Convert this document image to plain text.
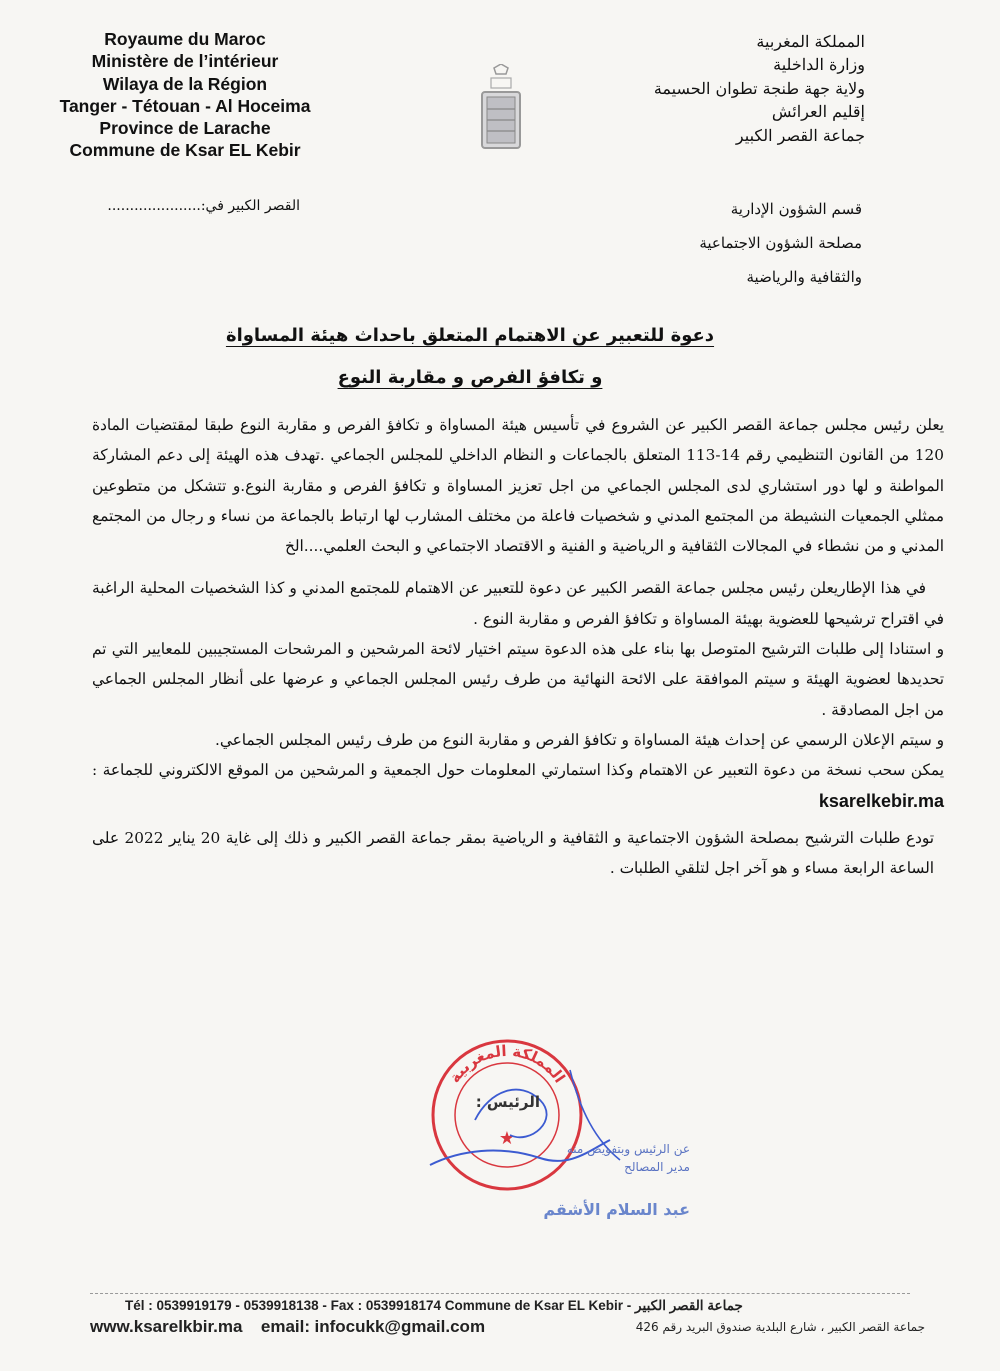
Royaume du Maroc
Ministère de l’intérieur
Wilaya de la Région
Tanger - Tétouan - Al Hoceima
Province de Larache
Commune de Ksar EL Kebir
المملكة المغربية
وزارة الداخلية
ولاية جهة طنجة تطوان الحسيمة
إقليم العرائش
جماعة القصر الكبير
قسم الشؤون الإدارية
مصلحة الشؤون الاجتماعية
والثقافية والرياضية
القصر الكبير في:.....................
دعوة للتعبير عن الاهتمام المتعلق باحداث هيئة المساواة
و تكافؤ الفرص و مقاربة النوع

يعلن رئيس مجلس جماعة القصر الكبير عن الشروع في تأسيس هيئة المساواة و تكافؤ الفرص و مقاربة النوع طبقا لمقتضيات المادة 120 من القانون التنظيمي رقم 14-113 المتعلق بالجماعات و النظام الداخلي للمجلس الجماعي .تهدف هذه الهيئة إلى دعم المشاركة المواطنة و لها دور استشاري لدى المجلس الجماعي من اجل تعزيز المساواة و تكافؤ الفرص و مقاربة النوع.و تتشكل من متطوعين ممثلي الجمعيات النشيطة من المجتمع المدني و شخصيات فاعلة من مختلف المشارب لها ارتباط بالجماعة من نساء و رجال من المجتمع المدني و من نشطاء في المجالات الثقافية و الرياضية و الفنية و الاقتصاد الاجتماعي و البحث العلمي....الخ

في هذا الإطاريعلن رئيس مجلس جماعة القصر الكبير عن دعوة للتعبير عن الاهتمام للمجتمع المدني و كذا الشخصيات المحلية الراغبة في اقتراح ترشيحها للعضوية بهيئة المساواة و تكافؤ الفرص و مقاربة النوع .

و استنادا إلى طلبات الترشيح المتوصل بها بناء على هذه الدعوة سيتم اختيار لائحة المرشحين و المرشحات المستجيبين للمعايير التي تم تحديدها لعضوية الهيئة و سيتم الموافقة على الائحة النهائية من طرف رئيس المجلس الجماعي و عرضها على أنظار المجلس الجماعي من اجل المصادقة .

و سيتم الإعلان الرسمي عن إحداث هيئة المساواة و تكافؤ الفرص و مقاربة النوع من طرف رئيس المجلس الجماعي.

يمكن سحب نسخة من دعوة التعبير عن الاهتمام وكذا استمارتي المعلومات حول الجمعية و المرشحين من الموقع الالكتروني للجماعة : ksarelkebir.ma

تودع طلبات الترشيح بمصلحة الشؤون الاجتماعية و الثقافية و الرياضية بمقر جماعة القصر الكبير و ذلك إلى غاية 20 يناير 2022 على الساعة الرابعة مساء و هو آخر اجل لتلقي الطلبات .

المملكة المغربية
★
الرئيس :
عن الرئيس وبتفويض منه
مدير المصالح
عبد السلام الأشقم
Tél : 0539919179 - 0539918138 - Fax : 0539918174 Commune de Ksar EL Kebir - جماعة القصر الكبير
www.ksarelkbir.ma email: infocukk@gmail.com	جماعة القصر الكبير ، شارع البلدية صندوق البريد رقم 426
